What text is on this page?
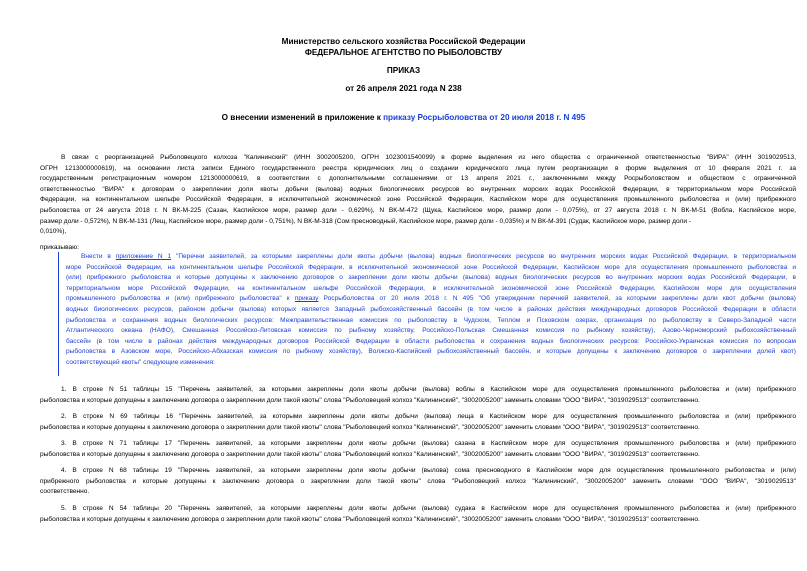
Министерство сельского хозяйства Российской Федерации
ФЕДЕРАЛЬНОЕ АГЕНТСТВО ПО РЫБОЛОВСТВУ
ПРИКАЗ
от 26 апреля 2021 года N 238
О внесении изменений в приложение к приказу Росрыболовства от 20 июля 2018 г. N 495
В связи с реорганизацией Рыболовецкого колхоза "Калининский" (ИНН 3002005200, ОГРН 1023001540099) в форме выделения из него общества с ограниченной ответственностью "ВИРА" (ИНН 3019029513,
ОГРН 1213000000619), на основании листа записи Единого государственного реестра юридических лиц о создании юридического лица путем реорганизации в форме выделения от 10 февраля 2021 г. за
государственным регистрационным номером 1213000000619, в соответствии с дополнительными соглашениями от 13 апреля 2021 г., заключенными между Росрыболовством и обществом с ограниченной
ответственностью "ВИРА" к договорам о закреплении доли квоты добычи (вылова) водных биологических ресурсов во внутренних морских водах Российской Федерации, в территориальном море Российской
Федерации, на континентальном шельфе Российской Федерации, в исключительной экономической зоне Российской Федерации, Каспийском море для осуществления промышленного рыболовства и (или) прибрежного
рыболовства от 24 августа 2018 г. N ВК-М-225 (Сазан, Каспийское море, размер доли - 0,629%), N ВК-М-472 (Щука, Каспийское море, размер доли - 0,075%), от 27 августа 2018 г. N ВК-М-51 (Вобла, Каспийское море,
размер доли - 0,572%), N ВК-М-131 (Лещ, Каспийское море, размер доли - 0,751%), N ВК-М-318 (Сом пресноводный, Каспийское море, размер доли - 0,035%) и N ВК-М-391 (Судак, Каспийское море, размер доли -
0,010%),
приказываю:
Внести в приложение N 1 "Перечни заявителей, за которыми закреплены доли квоты добычи (вылова) водных биологических ресурсов во внутренних морских водах Российской Федерации, в территориальном
море Российской Федерации, на континентальном шельфе Российской Федерации, в исключительной экономической зоне Российской Федерации, Каспийском море для осуществления промышленного рыболовства и
(или) прибрежного рыболовства и которые допущены к заключению договоров о закреплении доли квоты добычи (вылова) водных биологических ресурсов во внутренних морских водах Российской Федерации, в
территориальном море Российской Федерации, на континентальном шельфе Российской Федерации, в исключительной экономической зоне Российской Федерации, Каспийском море для осуществления
промышленного рыболовства и (или) прибрежного рыболовства" к приказу Росрыболовства от 20 июля 2018 г. N 495 "Об утверждении перечней заявителей, за которыми закреплены доли квот добычи (вылова)
водных биологических ресурсов, районом добычи (вылова) которых является Западный рыбохозяйственный бассейн (в том числе в районах действия международных договоров Российской Федерации в области
рыболовства и сохранения водных биологических ресурсов: Межправительственная комиссия по рыболовству в Чудском, Теплом и Псковском озерах, организация по рыболовству в Северо-Западной части
Атлантического океана (НАФО), Смешанная Российско-Литовская комиссия по рыбному хозяйству, Российско-Польская Смешанная комиссия по рыбному хозяйству), Азово-Черноморский рыбохозяйственный
бассейн (в том числе в районах действия международных договоров Российской Федерации в области рыболовства и сохранения водных биологических ресурсов: Российско-Украинская комиссия по вопросам
рыболовства в Азовском море, Российско-Абхазская комиссия по рыбному хозяйству), Волжско-Каспийский рыбохозяйственный бассейн, и которые допущены к заключению договоров о закреплении долей квот)
соответствующей квоты" следующие изменения:
1. В строке N 51 таблицы 15 "Перечень заявителей, за которыми закреплены доли квоты добычи (вылова) воблы в Каспийском море для осуществления промышленного рыболовства и (или) прибрежного
рыболовства и которые допущены к заключению договора о закреплении доли такой квоты" слова "Рыболовецкий колхоз "Калининский", "3002005200" заменить словами "ООО "ВИРА", "3019029513" соответственно.
2. В строке N 69 таблицы 16 "Перечень заявителей, за которыми закреплены доли квоты добычи (вылова) леща в Каспийском море для осуществления промышленного рыболовства и (или) прибрежного
рыболовства и которые допущены к заключению договора о закреплении доли такой квоты" слова "Рыболовецкий колхоз "Калининский", "3002005200" заменить словами "ООО "ВИРА", "3019029513" соответственно.
3. В строке N 71 таблицы 17 "Перечень заявителей, за которыми закреплены доли квоты добычи (вылова) сазана в Каспийском море для осуществления промышленного рыболовства и (или) прибрежного
рыболовства и которые допущены к заключению договора о закреплении доли такой квоты" слова "Рыболовецкий колхоз "Калининский", "3002005200" заменить словами "ООО "ВИРА", "3019029513" соответственно.
4. В строке N 68 таблицы 19 "Перечень заявителей, за которыми закреплены доли квоты добычи (вылова) сома пресноводного в Каспийском море для осуществления промышленного рыболовства и (или)
прибрежного рыболовства и которые допущены к заключению договора о закреплении доли такой квоты" слова "Рыболовецкий колхоз "Калининский", "3002005200" заменить словами "ООО "ВИРА", "3019029513"
соответственно.
5. В строке N 54 таблицы 20 "Перечень заявителей, за которыми закреплены доли квоты добычи (вылова) судака в Каспийском море для осуществления промышленного рыболовства и (или) прибрежного
рыболовства и которые допущены к заключению договора о закреплении доли такой квоты" слова "Рыболовецкий колхоз "Калининский", "3002005200" заменить словами "ООО "ВИРА", "3019029513" соответственно.
